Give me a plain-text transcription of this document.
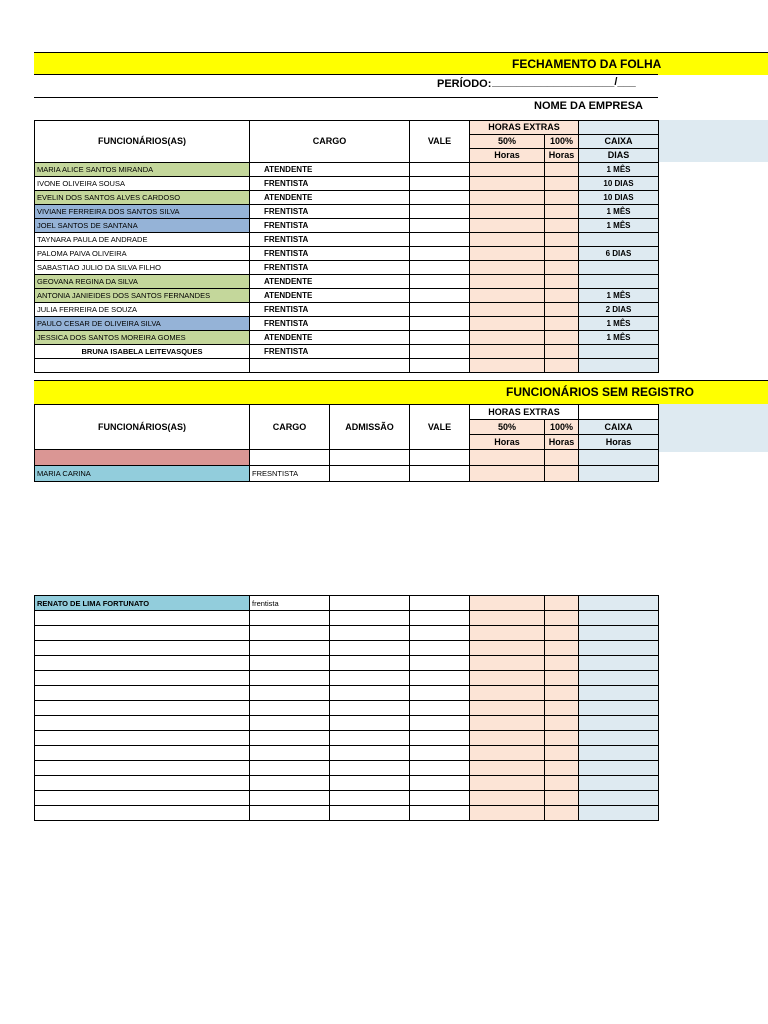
FECHAMENTO DA FOLHA
PERÍODO: ____________________/___
NOME DA EMPRESA
FUNCIONÁRIOS(AS)	CARGO	VALE	HORAS EXTRAS		
			50%	100%	CAIXA
			Horas	Horas	DIAS
MARIA ALICE SANTOS MIRANDA	ATENDENTE				1 MÊS
IVONE OLIVEIRA SOUSA	FRENTISTA				10 DIAS
EVELIN DOS SANTOS ALVES CARDOSO	ATENDENTE				10 DIAS
VIVIANE FERREIRA DOS SANTOS SILVA	FRENTISTA				1 MÊS
JOEL SANTOS DE SANTANA	FRENTISTA				1 MÊS
TAYNARA PAULA DE ANDRADE	FRENTISTA				
PALOMA PAIVA OLIVEIRA	FRENTISTA				6 DIAS
SABASTIAO JULIO DA SILVA FILHO	FRENTISTA				
GEOVANA REGINA DA SILVA	ATENDENTE				
ANTONIA JANIEIDES DOS SANTOS FERNANDES	ATENDENTE				1 MÊS
JULIA FERREIRA DE SOUZA	FRENTISTA				2 DIAS
PAULO CESAR DE OLIVEIRA SILVA	FRENTISTA				1 MÊS
JESSICA DOS SANTOS MOREIRA GOMES	ATENDENTE				1 MÊS
BRUNA ISABELA LEITEVASQUES	FRENTISTA				

FUNCIONÁRIOS SEM REGISTRO
FUNCIONÁRIOS(AS)	CARGO	ADMISSÃO	VALE	HORAS EXTRAS		
				50%	100%	CAIXA
				Horas	Horas	Horas

MARIA CARINA	FRESNTISTA					
RENATO DE LIMA FORTUNATO	frentista					
